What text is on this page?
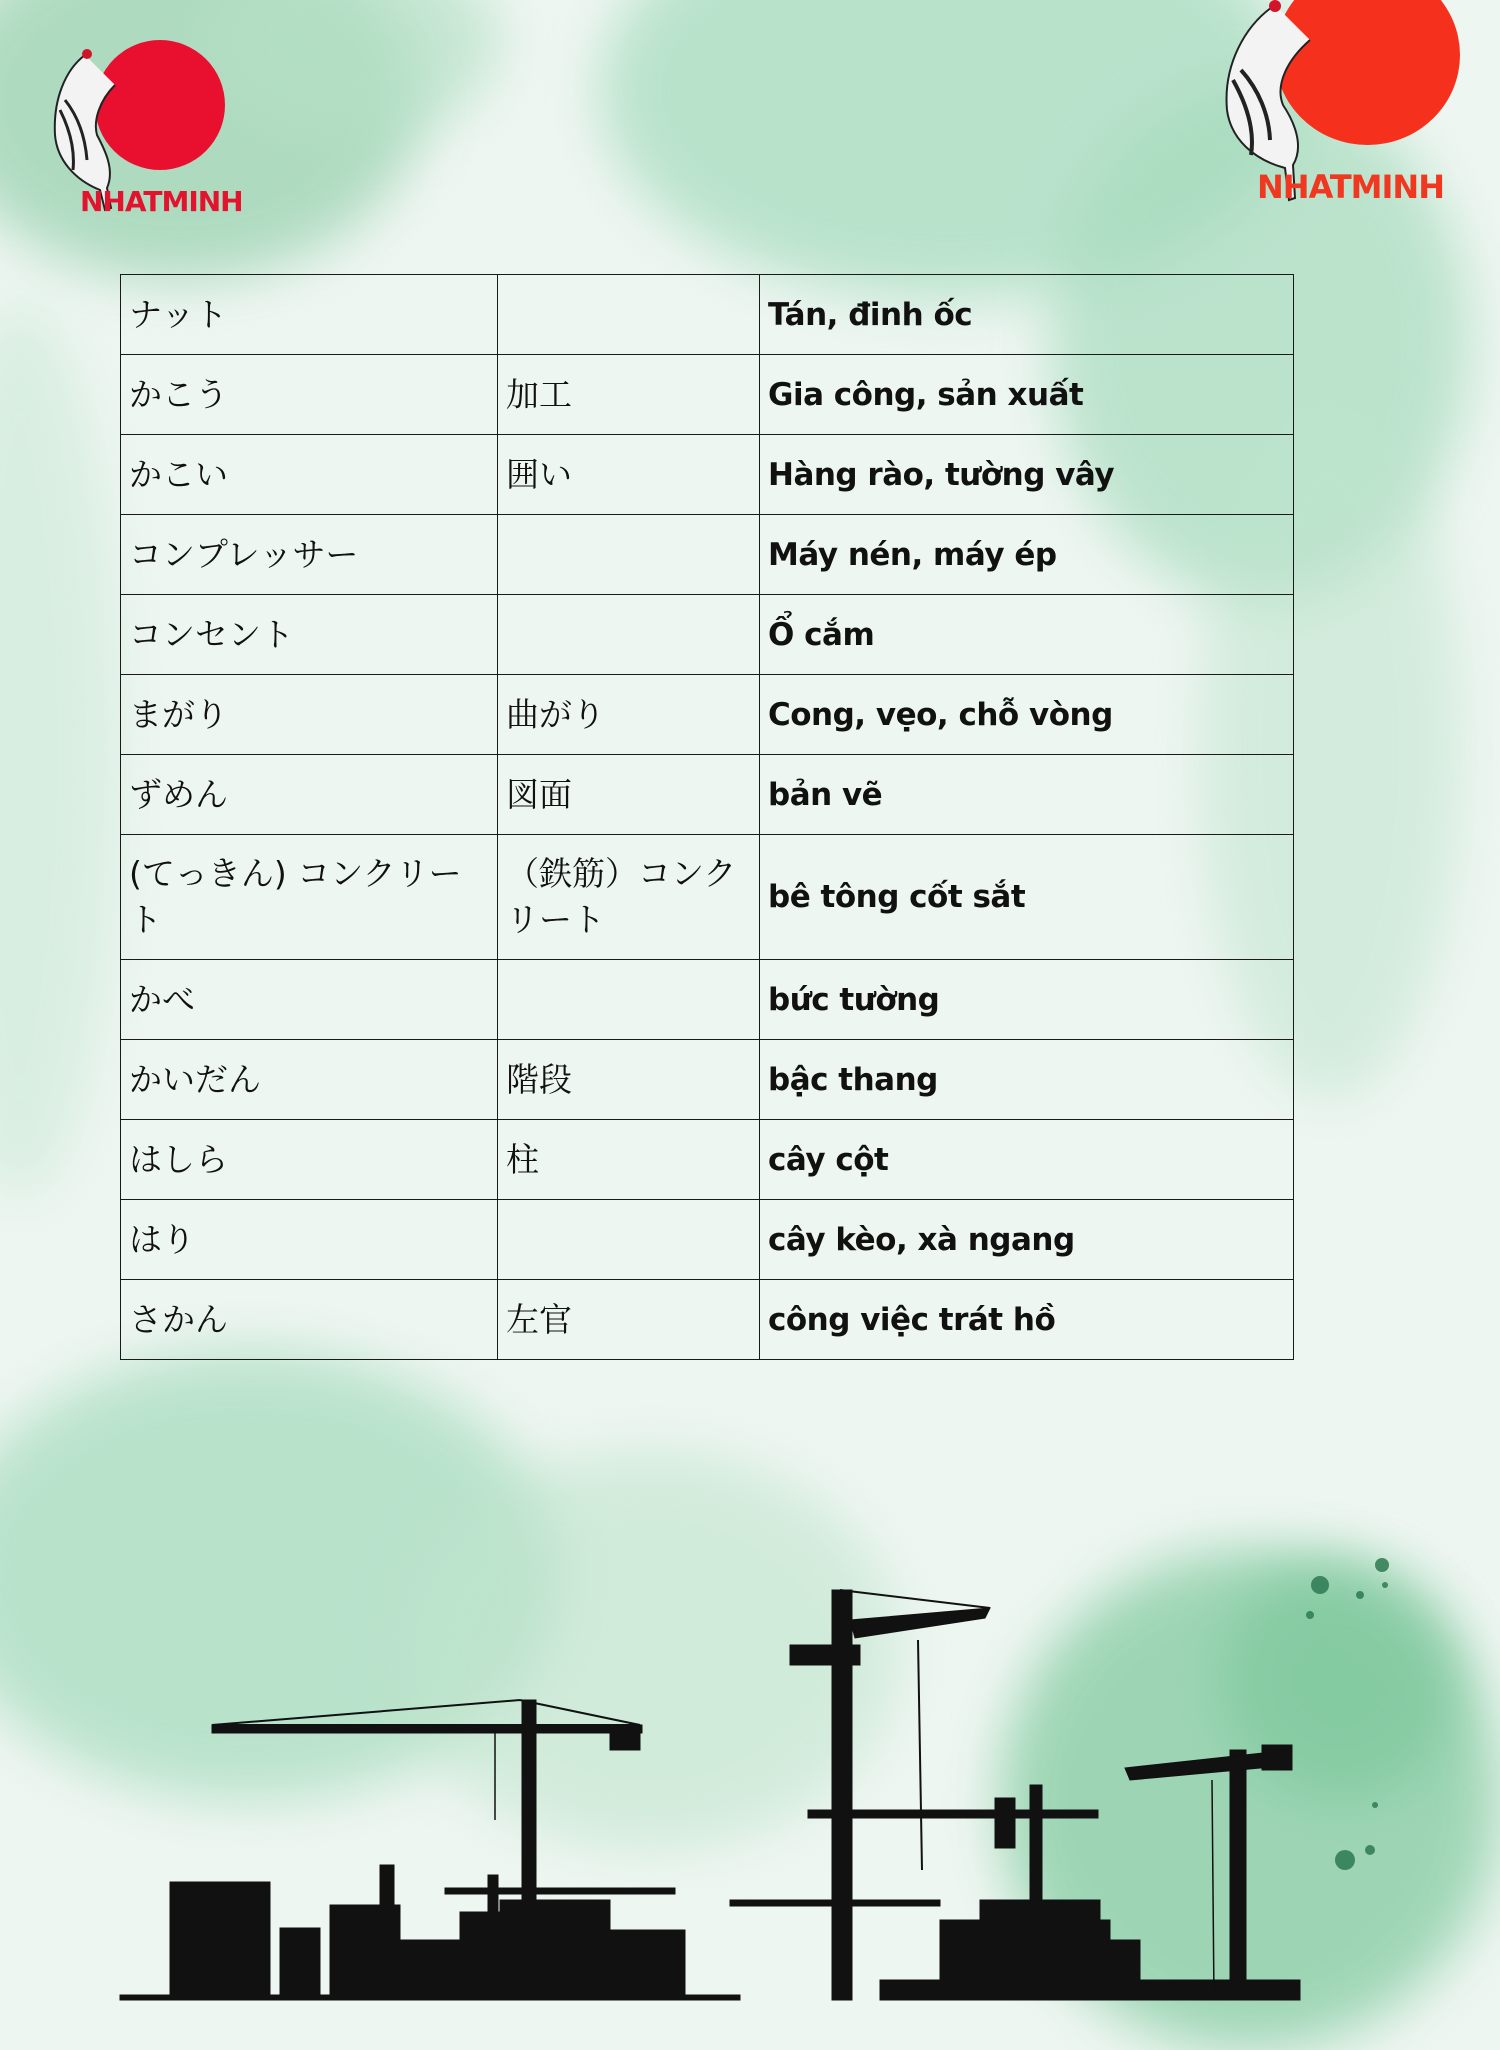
NHATMINH	NHATMINH
ナット		Tán, đinh ốc
かこう	加工	Gia công, sản xuất
かこい	囲い	Hàng rào, tường vây
コンプレッサー		Máy nén, máy ép
コンセント		Ổ cắm
まがり	曲がり	Cong, vẹo, chỗ vòng
ずめん	図面	bản vẽ
(てっきん) コンクリート	（鉄筋）コンクリート	bê tông cốt sắt
かべ		bức tường
かいだん	階段	bậc thang
はしら	柱	cây cột
はり		cây kèo, xà ngang
さかん	左官	công việc trát hồ
